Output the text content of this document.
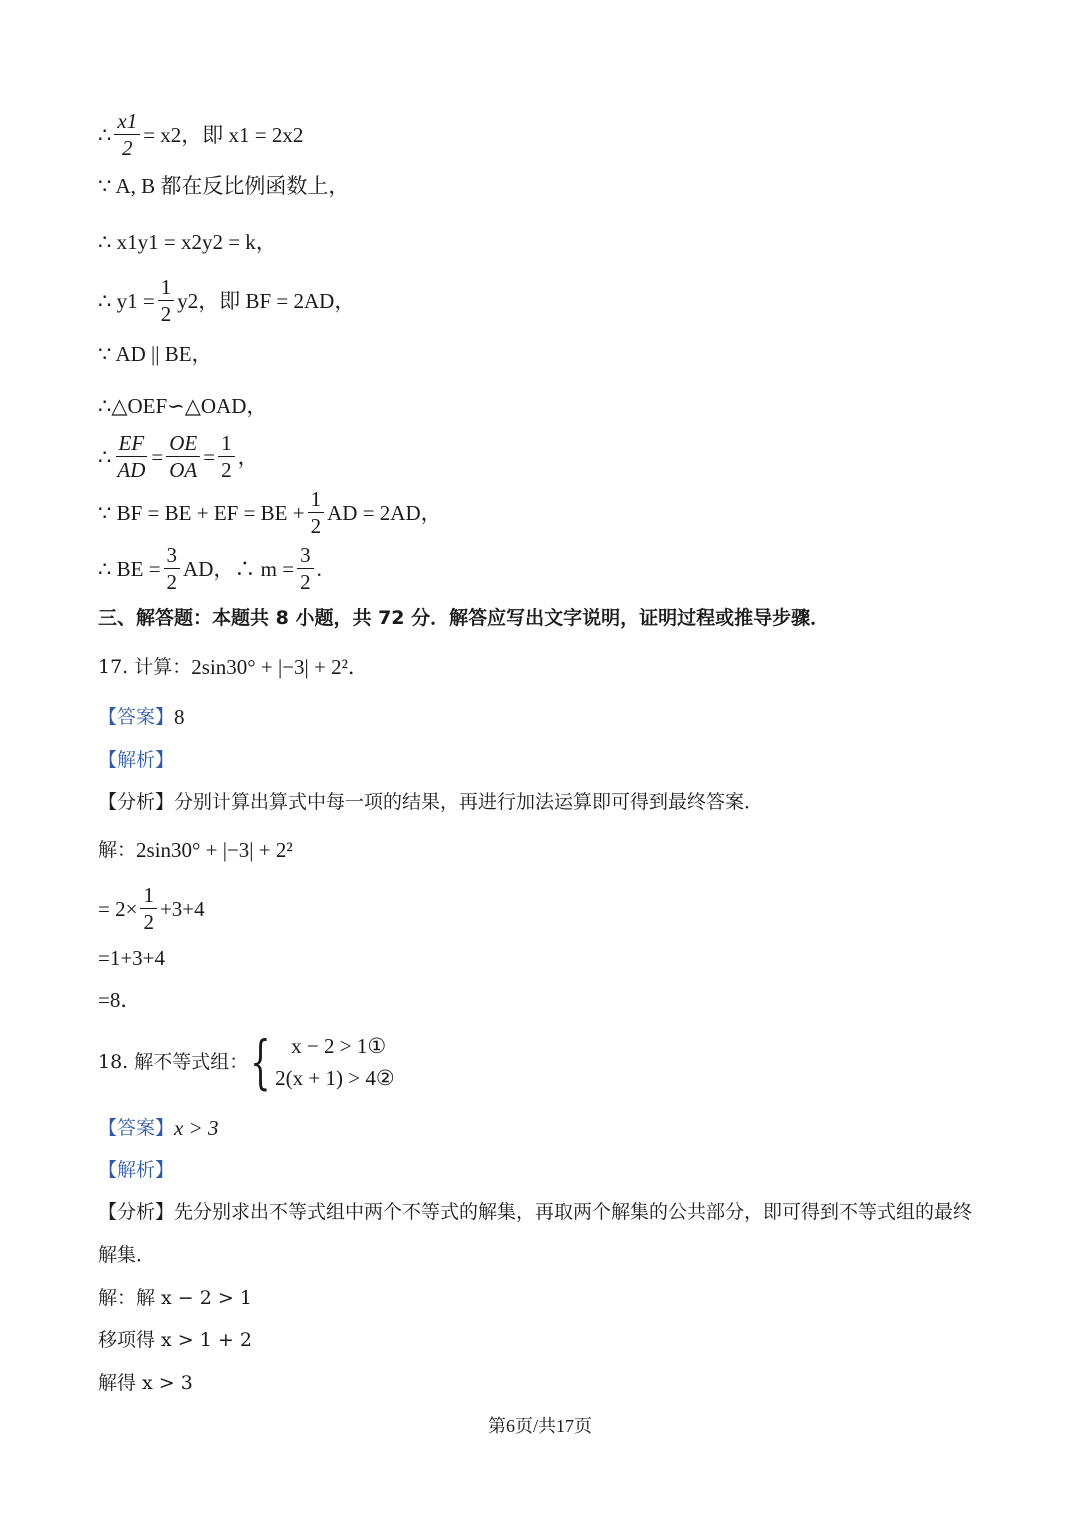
∴ $\frac{x1}{2} = x2$，即 x1 = 2x2
∵ A, B 都在反比例函数上，
∴ x1y1 = x2y2 = k，
∴ $y1 = \frac{1}{2} y2$，即 BF = 2AD，
∵ AD || BE，
∴△OEF∽△OAD，
∴ $\frac{EF}{AD} = \frac{OE}{OA} = \frac{1}{2}$ ，
∵ BF = BE + EF = BE + $\frac{1}{2}$ AD = 2AD，
∴ BE = $\frac{3}{2}$ AD，∴ $m = \frac{3}{2}$ .
三、解答题：本题共 8 小题，共 72 分．解答应写出文字说明，证明过程或推导步骤．
17. 计算： 2sin30° + |−3| + 2²．
【答案】 8
【解析】
【分析】分别计算出算式中每一项的结果，再进行加法运算即可得到最终答案．
解： 2sin30° + |−3| + 2²
= $2\times \frac{1}{2} +3+4$
=1+3+4
=8．
18. 解不等式组： { x − 2 > 1①
2(x + 1) > 4②
【答案】 x > 3
【解析】
【分析】先分别求出不等式组中两个不等式的解集，再取两个解集的公共部分，即可得到不等式组的最终
解集．
解：解 x − 2 > 1
移项得 x > 1 + 2
解得 x > 3
第6页/共17页
